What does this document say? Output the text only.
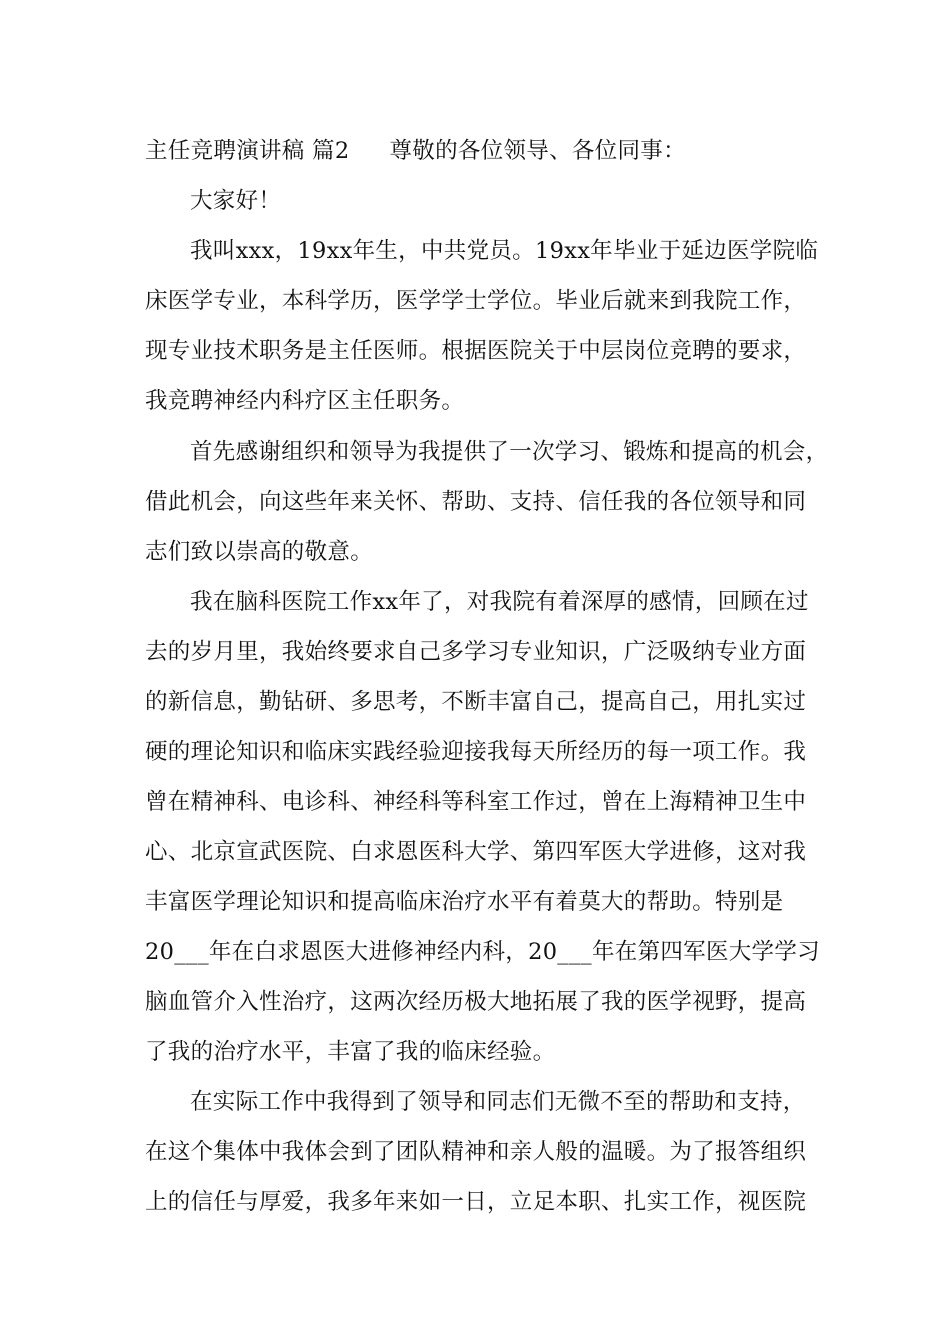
主任竞聘演讲稿 篇2 尊敬的各位领导、各位同事：
大家好！
我叫xxx，19xx年生，中共党员。19xx年毕业于延边医学院临
床医学专业，本科学历，医学学士学位。毕业后就来到我院工作，
现专业技术职务是主任医师。根据医院关于中层岗位竞聘的要求，
我竞聘神经内科疗区主任职务。
首先感谢组织和领导为我提供了一次学习、锻炼和提高的机会，
借此机会，向这些年来关怀、帮助、支持、信任我的各位领导和同
志们致以崇高的敬意。
我在脑科医院工作xx年了，对我院有着深厚的感情，回顾在过
去的岁月里，我始终要求自己多学习专业知识，广泛吸纳专业方面
的新信息，勤钻研、多思考，不断丰富自己，提高自己，用扎实过
硬的理论知识和临床实践经验迎接我每天所经历的每一项工作。我
曾在精神科、电诊科、神经科等科室工作过，曾在上海精神卫生中
心、北京宣武医院、白求恩医科大学、第四军医大学进修，这对我
丰富医学理论知识和提高临床治疗水平有着莫大的帮助。特别是
20___年在白求恩医大进修神经内科，20___年在第四军医大学学习
脑血管介入性治疗，这两次经历极大地拓展了我的医学视野，提高
了我的治疗水平，丰富了我的临床经验。
在实际工作中我得到了领导和同志们无微不至的帮助和支持，
在这个集体中我体会到了团队精神和亲人般的温暖。为了报答组织
上的信任与厚爱，我多年来如一日，立足本职、扎实工作，视医院
